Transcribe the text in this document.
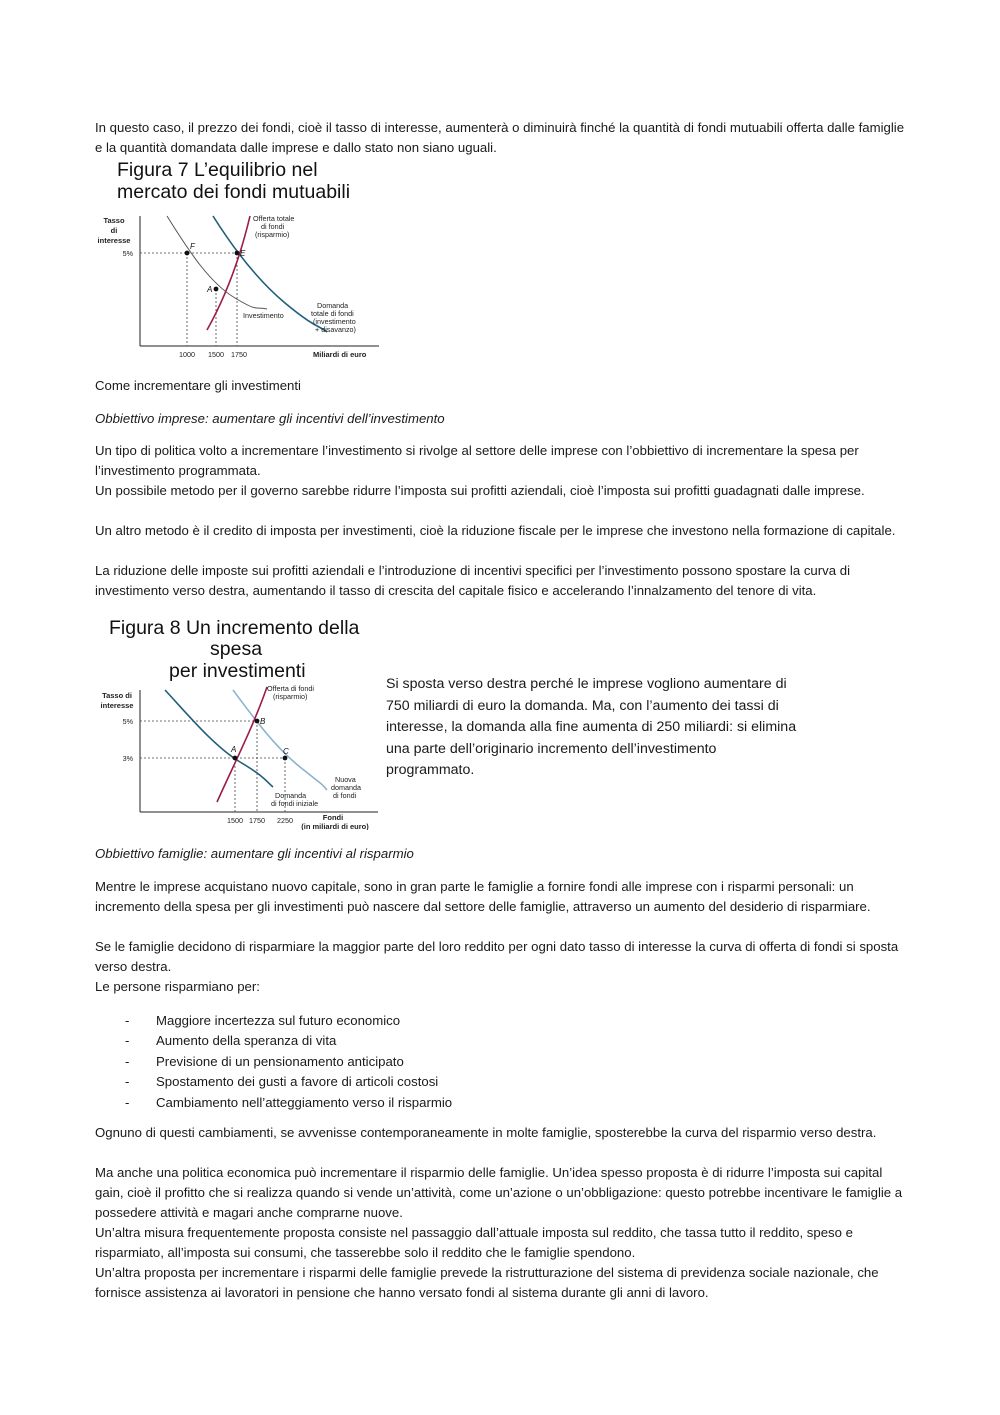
In questo caso, il prezzo dei fondi, cioè il tasso di interesse, aumenterà o diminuirà finché la quantità di fondi mutuabili offerta dalle famiglie e la quantità domandata dalle imprese e dallo stato non siano uguali.

Figura 7 L’equilibrio nel
mercato dei fondi mutuabili
Tasso
di
interesse
5%
F
E
A
Offerta totale
di fondi
(risparmio)
Domanda
totale di fondi
(investimento
+ disavanzo)
Investimento
1000 1500 1750	Miliardi di euro

Come incrementare gli investimenti

Obbiettivo imprese: aumentare gli incentivi dell’investimento

Un tipo di politica volto a incrementare l’investimento si rivolge al settore delle imprese con l’obbiettivo di incrementare la spesa per l’investimento programmata.

Un possibile metodo per il governo sarebbe ridurre l’imposta sui profitti aziendali, cioè l’imposta sui profitti guadagnati dalle imprese.

Un altro metodo è il credito di imposta per investimenti, cioè la riduzione fiscale per le imprese che investono nella formazione di capitale.

La riduzione delle imposte sui profitti aziendali e l’introduzione di incentivi specifici per l’investimento possono spostare la curva di investimento verso destra, aumentando il tasso di crescita del capitale fisico e accelerando l’innalzamento del tenore di vita.

Figura 8 Un incremento della
spesa
per investimenti
Tasso di
interesse
5%
3%
A
B
C
Offerta di fondi
(risparmio)
Nuova
domanda
di fondi
Domanda
di fondi iniziale
1500 1750 2250	Fondi
(in miliardi di euro)

Si sposta verso destra perché le imprese vogliono aumentare di 750 miliardi di euro la domanda. Ma, con l’aumento dei tassi di interesse, la domanda alla fine aumenta di 250 miliardi: si elimina una parte dell’originario incremento dell’investimento programmato.

Obbiettivo famiglie: aumentare gli incentivi al risparmio

Mentre le imprese acquistano nuovo capitale, sono in gran parte le famiglie a fornire fondi alle imprese con i risparmi personali: un incremento della spesa per gli investimenti può nascere dal settore delle famiglie, attraverso un aumento del desiderio di risparmiare.

Se le famiglie decidono di risparmiare la maggior parte del loro reddito per ogni dato tasso di interesse la curva di offerta di fondi si sposta verso destra.

Le persone risparmiano per:

- Maggiore incertezza sul futuro economico
- Aumento della speranza di vita
- Previsione di un pensionamento anticipato
- Spostamento dei gusti a favore di articoli costosi
- Cambiamento nell’atteggiamento verso il risparmio

Ognuno di questi cambiamenti, se avvenisse contemporaneamente in molte famiglie, sposterebbe la curva del risparmio verso destra.

Ma anche una politica economica può incrementare il risparmio delle famiglie. Un’idea spesso proposta è di ridurre l’imposta sui capital gain, cioè il profitto che si realizza quando si vende un’attività, come un’azione o un’obbligazione: questo potrebbe incentivare le famiglie a possedere attività e magari anche comprarne nuove.

Un’altra misura frequentemente proposta consiste nel passaggio dall’attuale imposta sul reddito, che tassa tutto il reddito, speso e risparmiato, all’imposta sui consumi, che tasserebbe solo il reddito che le famiglie spendono.

Un’altra proposta per incrementare i risparmi delle famiglie prevede la ristrutturazione del sistema di previdenza sociale nazionale, che fornisce assistenza ai lavoratori in pensione che hanno versato fondi al sistema durante gli anni di lavoro.
